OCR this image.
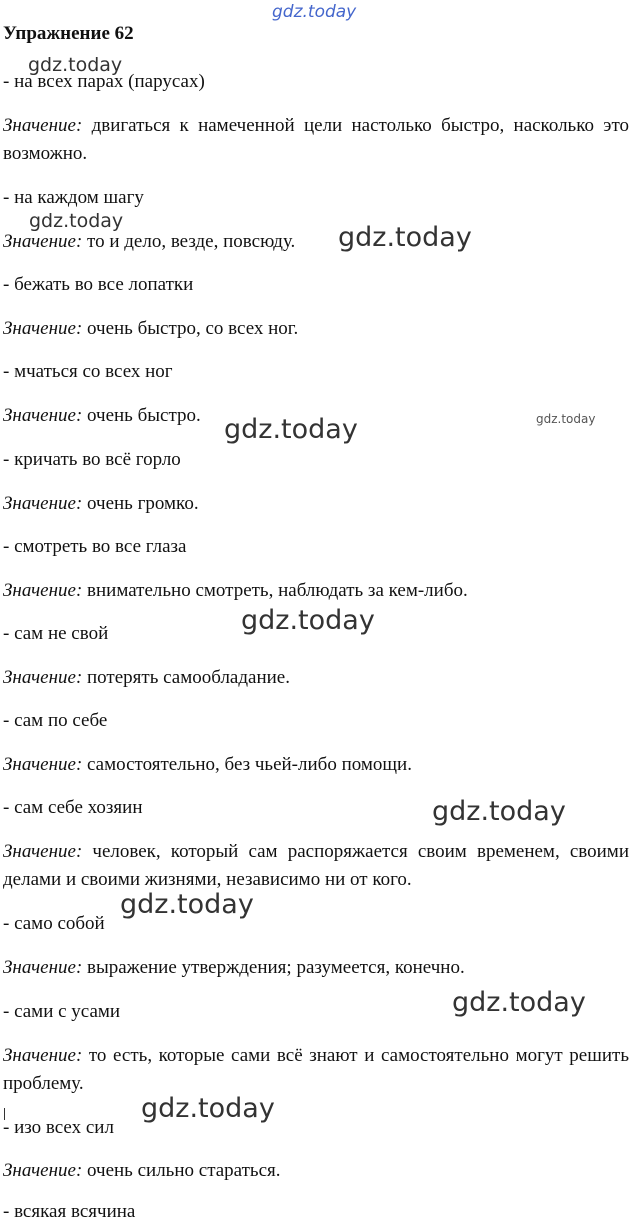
gdz.today
gdz.today
gdz.today
gdz.today
gdz.today	gdz.today
gdz.today
gdz.today
gdz.today
gdz.today
gdz.today
Упражнение 62
- на всех парах (парусах)
Значение: двигаться к намеченной цели настолько быстро, насколько это возможно.
- на каждом шагу
Значение: то и дело, везде, повсюду.
- бежать во все лопатки
Значение: очень быстро, со всех ног.
- мчаться со всех ног
Значение: очень быстро.
- кричать во всё горло
Значение: очень громко.
- смотреть во все глаза
Значение: внимательно смотреть, наблюдать за кем-либо.
- сам не свой
Значение: потерять самообладание.
- сам по себе
Значение: самостоятельно, без чьей-либо помощи.
- сам себе хозяин
Значение: человек, который сам распоряжается своим временем, своими делами и своими жизнями, независимо ни от кого.
- само собой
Значение: выражение утверждения; разумеется, конечно.
- сами с усами
Значение: то есть, которые сами всё знают и самостоятельно могут решить проблему.
- изо всех сил
Значение: очень сильно стараться.
- всякая всячина
